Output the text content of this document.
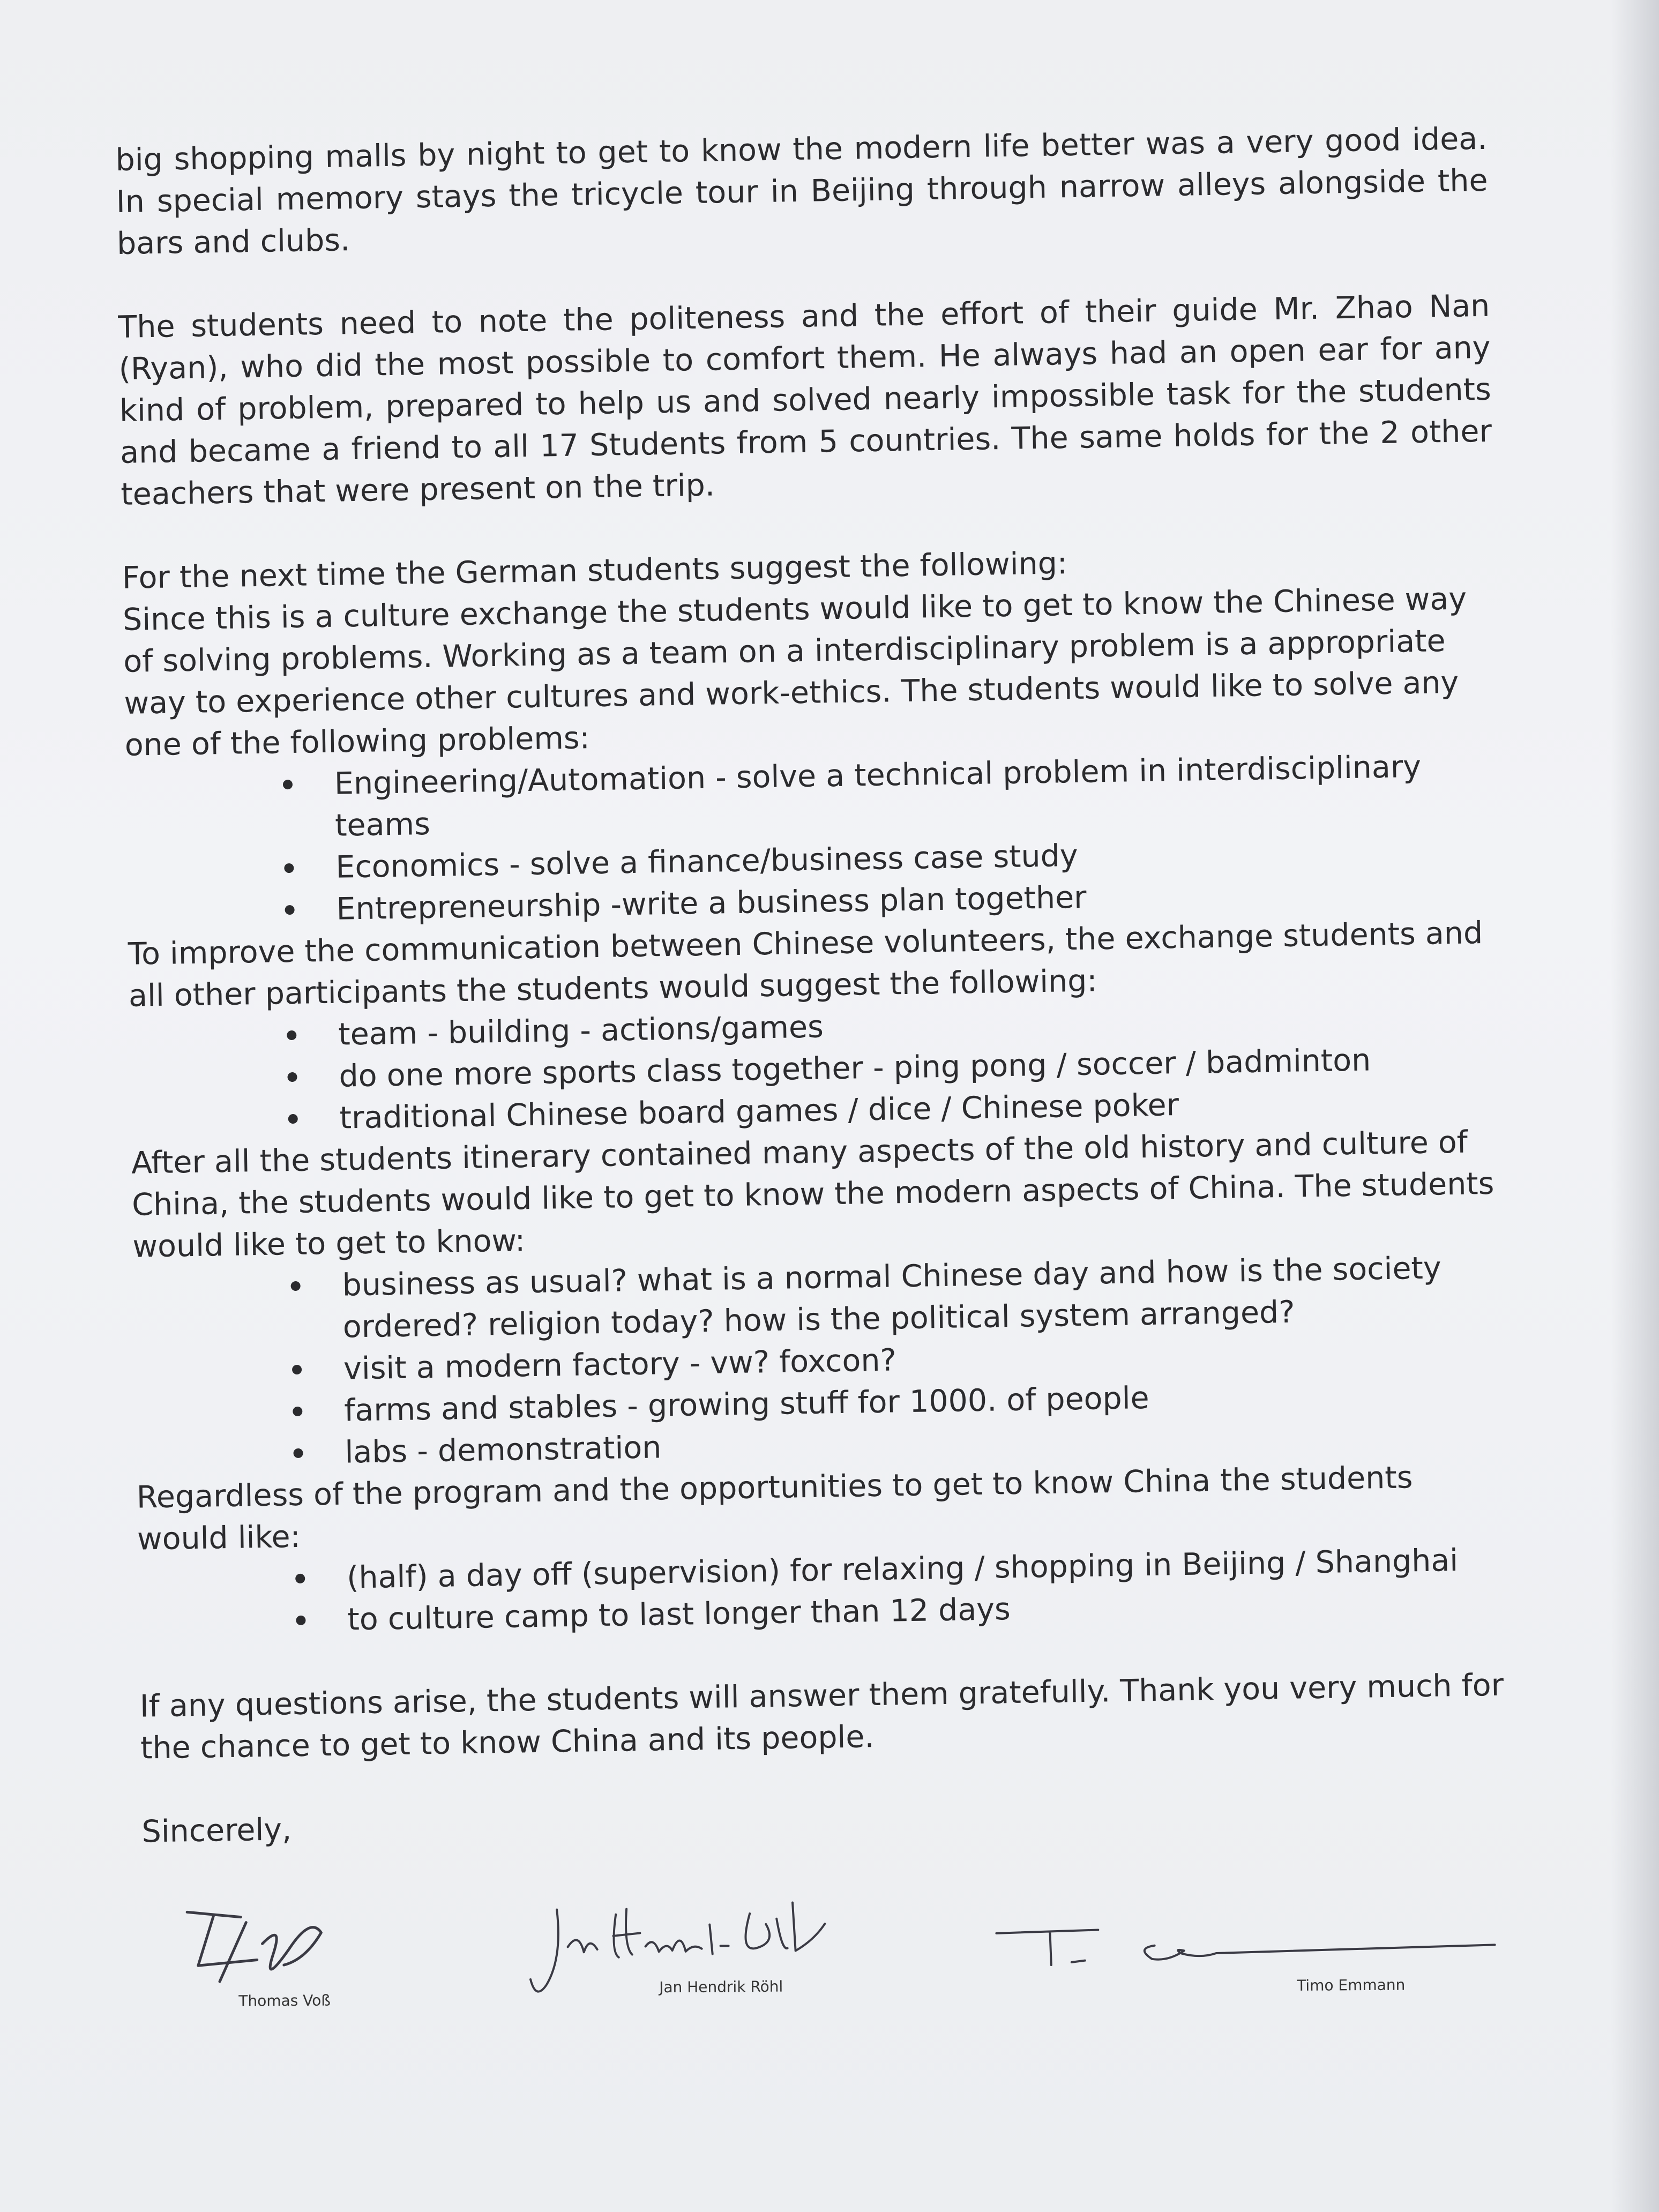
big shopping malls by night to get to know the modern life better was a very good idea. In special memory stays the tricycle tour in Beijing through narrow alleys alongside the bars and clubs.

The students need to note the politeness and the effort of their guide Mr. Zhao Nan (Ryan), who did the most possible to comfort them. He always had an open ear for any kind of problem, prepared to help us and solved nearly impossible task for the students and became a friend to all 17 Students from 5 countries. The same holds for the 2 other teachers that were present on the trip.

For the next time the German students suggest the following:

Since this is a culture exchange the students would like to get to know the Chinese way of solving problems. Working as a team on a interdisciplinary problem is a appropriate way to experience other cultures and work-ethics. The students would like to solve any one of the following problems:

Engineering/Automation - solve a technical problem in interdisciplinary teams
Economics - solve a finance/business case study
Entrepreneurship -write a business plan together

To improve the communication between Chinese volunteers, the exchange students and all other participants the students would suggest the following:

team - building - actions/games
do one more sports class together - ping pong / soccer / badminton
traditional Chinese board games / dice / Chinese poker

After all the students itinerary contained many aspects of the old history and culture of China, the students would like to get to know the modern aspects of China. The students would like to get to know:

business as usual? what is a normal Chinese day and how is the society ordered? religion today? how is the political system arranged?
visit a modern factory - vw? foxcon?
farms and stables - growing stuff for 1000. of people
labs - demonstration

Regardless of the program and the opportunities to get to know China the students would like:

(half) a day off (supervision) for relaxing / shopping in Beijing / Shanghai
to culture camp to last longer than 12 days

If any questions arise, the students will answer them gratefully. Thank you very much for the chance to get to know China and its people.

Sincerely,

Thomas Voß
Jan Hendrik Röhl	Timo Emmann
